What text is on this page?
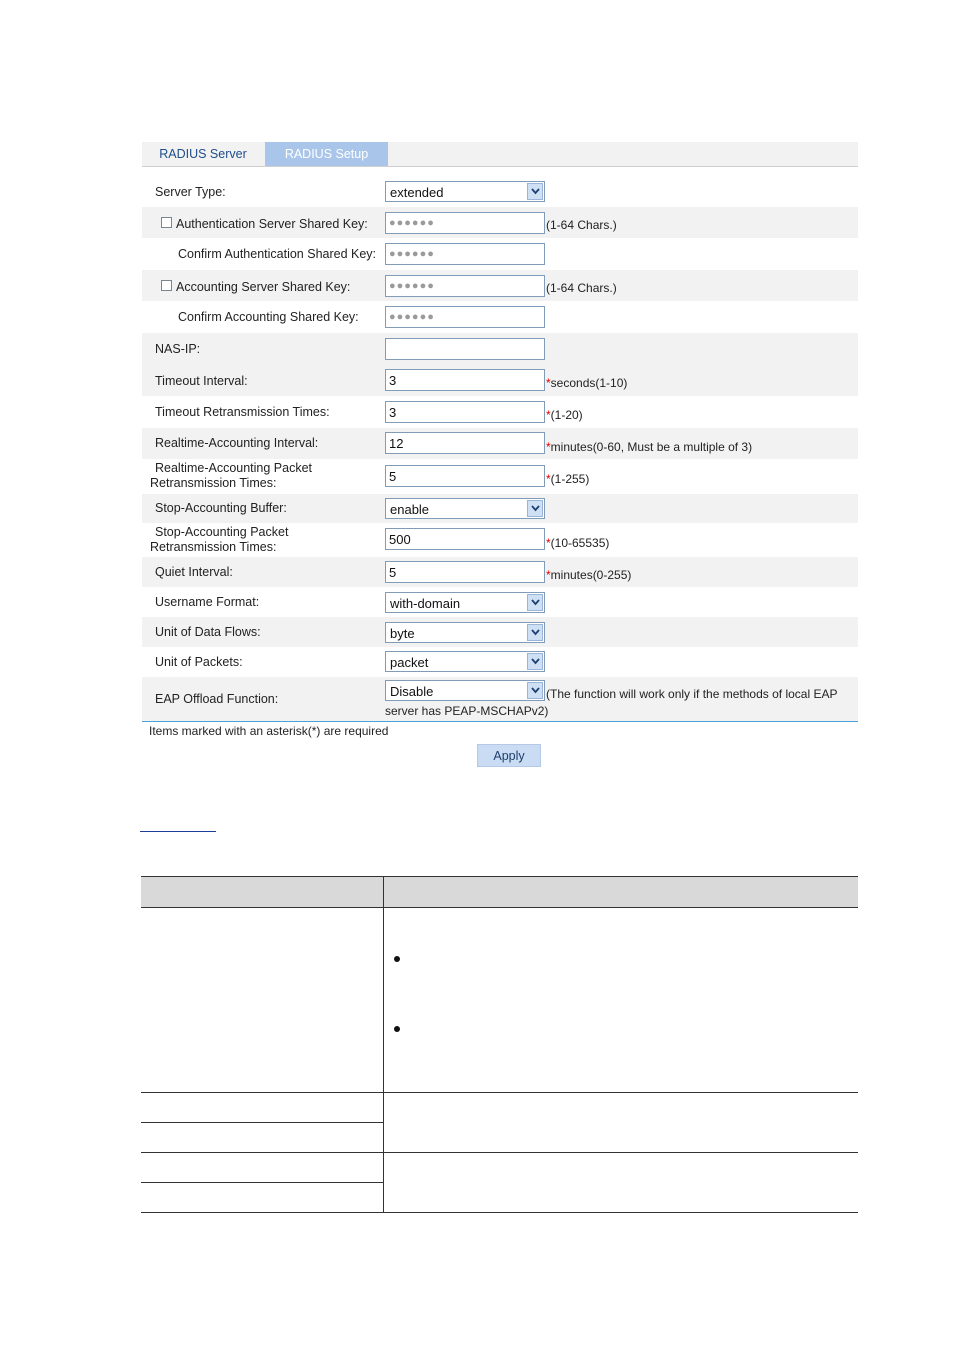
RADIUS Server	RADIUS Setup
Server Type:	extended
Authentication Server Shared Key:	●●●●●●	(1-64 Chars.)
Confirm Authentication Shared Key:	●●●●●●
Accounting Server Shared Key:	●●●●●●	(1-64 Chars.)
Confirm Accounting Shared Key:	●●●●●●
NAS-IP:
Timeout Interval:	3	*seconds(1-10)
Timeout Retransmission Times:	3	*(1-20)
Realtime-Accounting Interval:	12	*minutes(0-60, Must be a multiple of 3)
Realtime-Accounting Packet
Retransmission Times:	5	*(1-255)
Stop-Accounting Buffer:	enable
Stop-Accounting Packet
Retransmission Times:	500	*(10-65535)
Quiet Interval:	5	*minutes(0-255)
Username Format:	with-domain
Unit of Data Flows:	byte
Unit of Packets:	packet
EAP Offload Function:	Disable	(The function will work only if the methods of local EAP
server has PEAP-MSCHAPv2)
Items marked with an asterisk(*) are required
Apply
